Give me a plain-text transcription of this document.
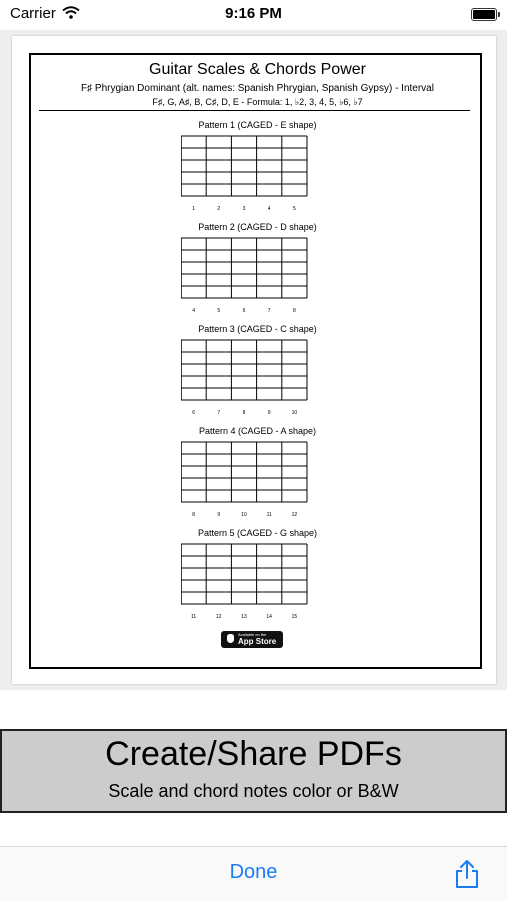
Carrier	9:16 PM
Guitar Scales & Chords Power
F♯ Phrygian Dominant (alt. names: Spanish Phrygian, Spanish Gypsy) - Interval
F♯, G, A♯, B, C♯, D, E - Formula: 1, ♭2, 3, 4, 5, ♭6, ♭7
Pattern 1 (CAGED - E shape)
1	2	3	4	5
Pattern 2 (CAGED - D shape)
4	5	6	7	8
Pattern 3 (CAGED - C shape)
6	7	8	9	10
Pattern 4 (CAGED - A shape)
8	9	10	11	12
Pattern 5 (CAGED - G shape)
11	12	13	14	15
Available on the
App Store
Create/Share PDFs
Scale and chord notes color or B&W
Done
